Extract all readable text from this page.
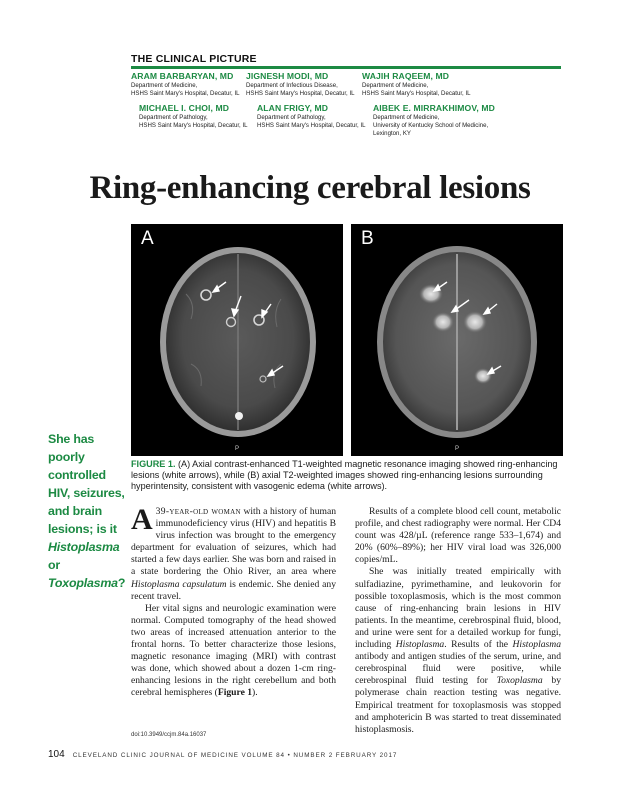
THE CLINICAL PICTURE
ARAM BARBARYAN, MD
Department of Medicine,
HSHS Saint Mary's Hospital, Decatur, IL
JIGNESH MODI, MD
Department of Infectious Disease,
HSHS Saint Mary's Hospital, Decatur, IL
WAJIH RAQEEM, MD
Department of Medicine,
HSHS Saint Mary's Hospital, Decatur, IL
MICHAEL I. CHOI, MD
Department of Pathology,
HSHS Saint Mary's Hospital, Decatur, IL
ALAN FRIGY, MD
Department of Pathology,
HSHS Saint Mary's Hospital, Decatur, IL
AIBEK E. MIRRAKHIMOV, MD
Department of Medicine,
University of Kentucky School of Medicine,
Lexington, KY
Ring-enhancing cerebral lesions
A
P
B
P
FIGURE 1. (A) Axial contrast-enhanced T1-weighted magnetic resonance imaging showed ring-enhancing lesions (white arrows), while (B) axial T2-weighted images showed ring-enhancing lesions surrounding hyperintensity, consistent with vasogenic edema (white arrows).
She has poorly controlled HIV, seizures, and brain lesions; is it Histoplasma or Toxoplasma?

A 39-year-old woman with a history of human immunodeficiency virus (HIV) and hepatitis B virus infection was brought to the emergency department for evaluation of seizures, which had started a few days earlier. She was born and raised in a state bordering the Ohio River, an area where Histoplasma capsulatum is endemic. She denied any recent travel.

Her vital signs and neurologic examination were normal. Computed tomography of the head showed two areas of increased attenuation anterior to the frontal horns. To better characterize those lesions, magnetic resonance imaging (MRI) with contrast was done, which showed about a dozen 1-cm ring-enhancing lesions in the right cerebellum and both cerebral hemispheres (Figure 1).

Results of a complete blood cell count, metabolic profile, and chest radiography were normal. Her CD4 count was 428/µL (reference range 533–1,674) and 20% (60%–89%); her HIV viral load was 326,000 copies/mL.

She was initially treated empirically with sulfadiazine, pyrimethamine, and leukovorin for possible toxoplasmosis, which is the most common cause of ring-enhancing brain lesions in HIV patients. In the meantime, cerebrospinal fluid, blood, and urine were sent for a detailed workup for fungi, including Histoplasma. Results of the Histoplasma antibody and antigen studies of the serum, urine, and cerebrospinal fluid were positive, while cerebrospinal fluid testing for Toxoplasma by polymerase chain reaction testing was negative. Empirical treatment for toxoplasmosis was stopped and amphotericin B was started to treat disseminated histoplasmosis.

doi:10.3949/ccjm.84a.16037
104 CLEVELAND CLINIC JOURNAL OF MEDICINE VOLUME 84 • NUMBER 2 FEBRUARY 2017
